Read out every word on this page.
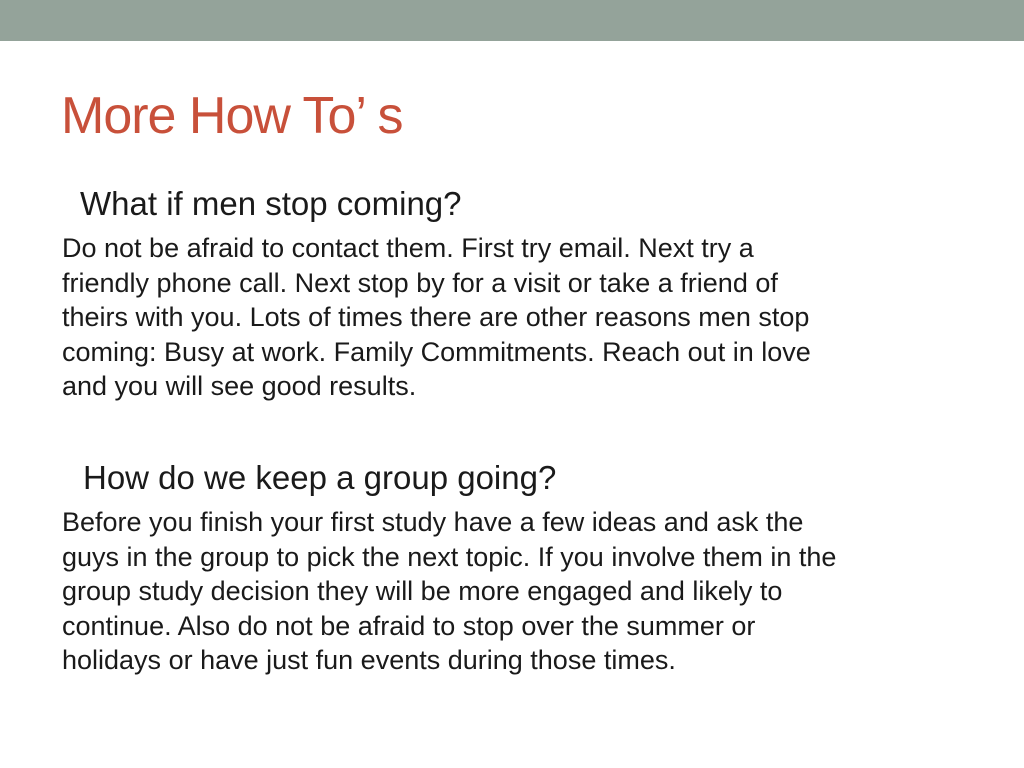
More How To’ s

What if men stop coming?

Do not be afraid to contact them. First try email. Next try a
friendly phone call. Next stop by for a visit or take a friend of
theirs with you. Lots of times there are other reasons men stop
coming: Busy at work. Family Commitments. Reach out in love
and you will see good results.

How do we keep a group going?

Before you finish your first study have a few ideas and ask the
guys in the group to pick the next topic. If you involve them in the
group study decision they will be more engaged and likely to
continue. Also do not be afraid to stop over the summer or
holidays or have just fun events during those times.
